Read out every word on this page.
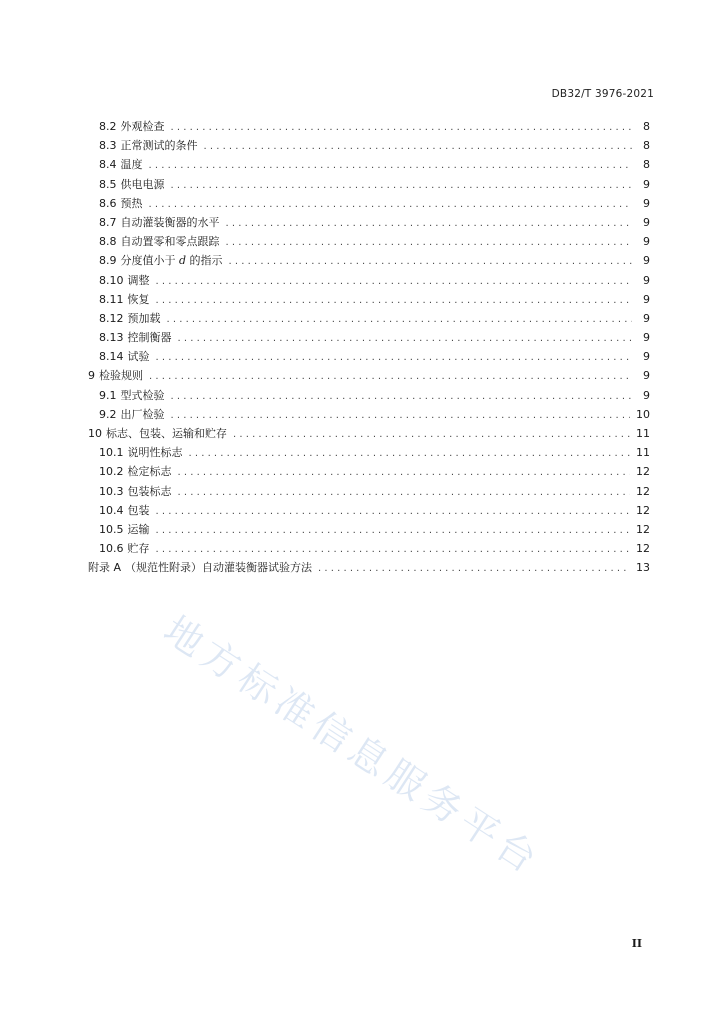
DB32/T 3976-2021
8.2 外观检查 . . .	8
8.3 正常测试的条件 . . .	8
8.4 温度 . . .	8
8.5 供电电源 . . .	9
8.6 预热 . . .	9
8.7 自动灌装衡器的水平 . . .	9
8.8 自动置零和零点跟踪 . . .	9
8.9 分度值小于 d 的指示 . . .	9
8.10 调整 . . .	9
8.11 恢复 . . .	9
8.12 预加载 . . .	9
8.13 控制衡器 . . .	9
8.14 试验 . . .	9
9 检验规则 . . .	9
9.1 型式检验 . . .	9
9.2 出厂检验 . . .	10
10 标志、包装、运输和贮存 . . .	11
10.1 说明性标志 . . .	11
10.2 检定标志 . . .	12
10.3 包装标志 . . .	12
10.4 包装 . . .	12
10.5 运输 . . .	12
10.6 贮存 . . .	12
附录 A （规范性附录）自动灌装衡器试验方法 . . .	13
地方标准信息服务平台
II
